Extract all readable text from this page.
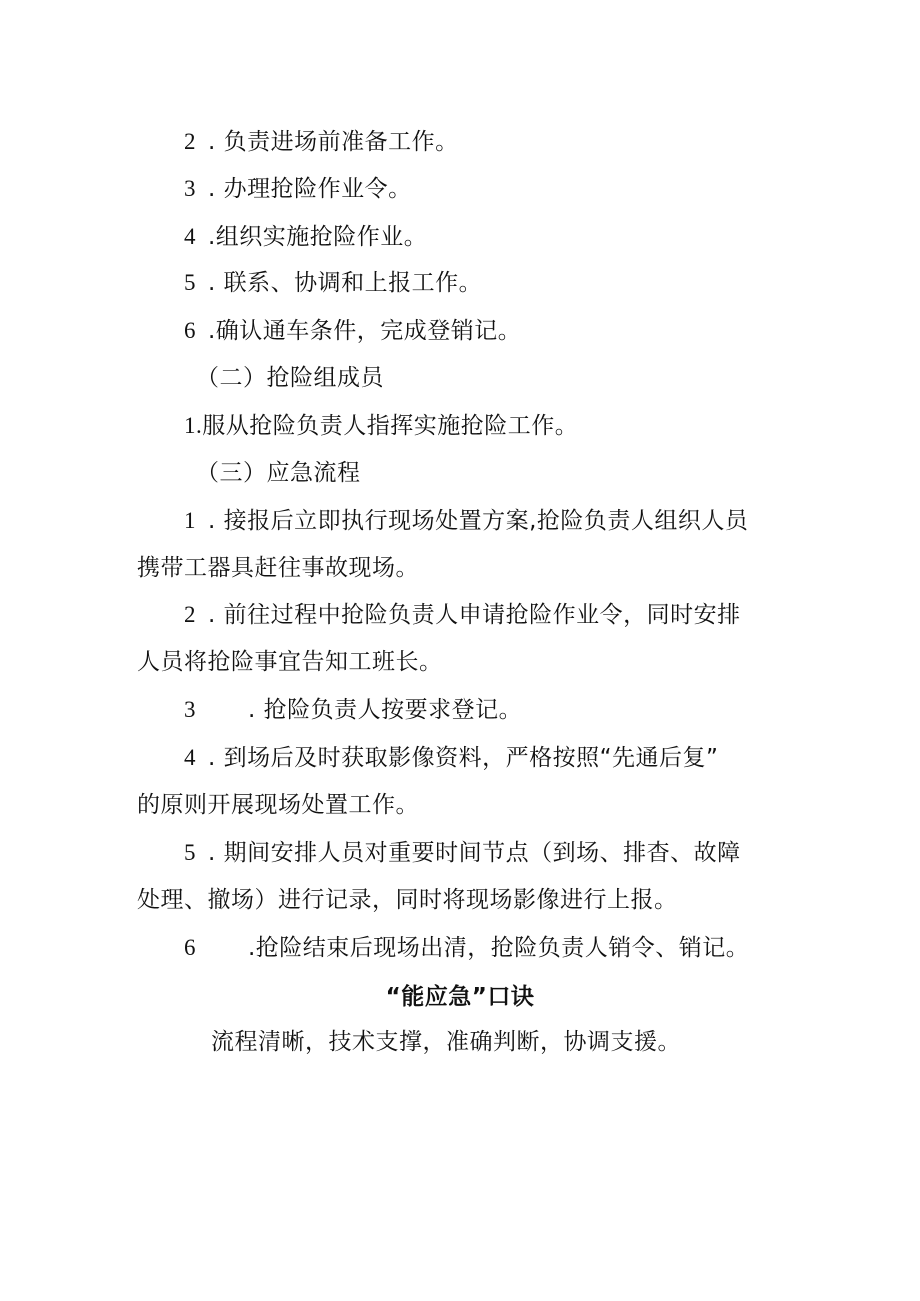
2 . 负责进场前准备工作。
3 . 办理抢险作业令。
4 .组织实施抢险作业。
5 . 联系、协调和上报工作。
6 .确认通车条件，完成登销记。
（二）抢险组成员
1.服从抢险负责人指挥实施抢险工作。
（三）应急流程
1 . 接报后立即执行现场处置方案,抢险负责人组织人员
携带工器具赶往事故现场。
2 . 前往过程中抢险负责人申请抢险作业令，同时安排
人员将抢险事宜告知工班长。
3 . 抢险负责人按要求登记。
4 . 到场后及时获取影像资料，严格按照“先通后复”
的原则开展现场处置工作。
5 . 期间安排人员对重要时间节点（到场、排杳、故障
处理、撤场）进行记录，同时将现场影像进行上报。
6 .抢险结束后现场出清，抢险负责人销令、销记。
“能应急”口诀
流程清晰，技术支撑，准确判断，协调支援。
